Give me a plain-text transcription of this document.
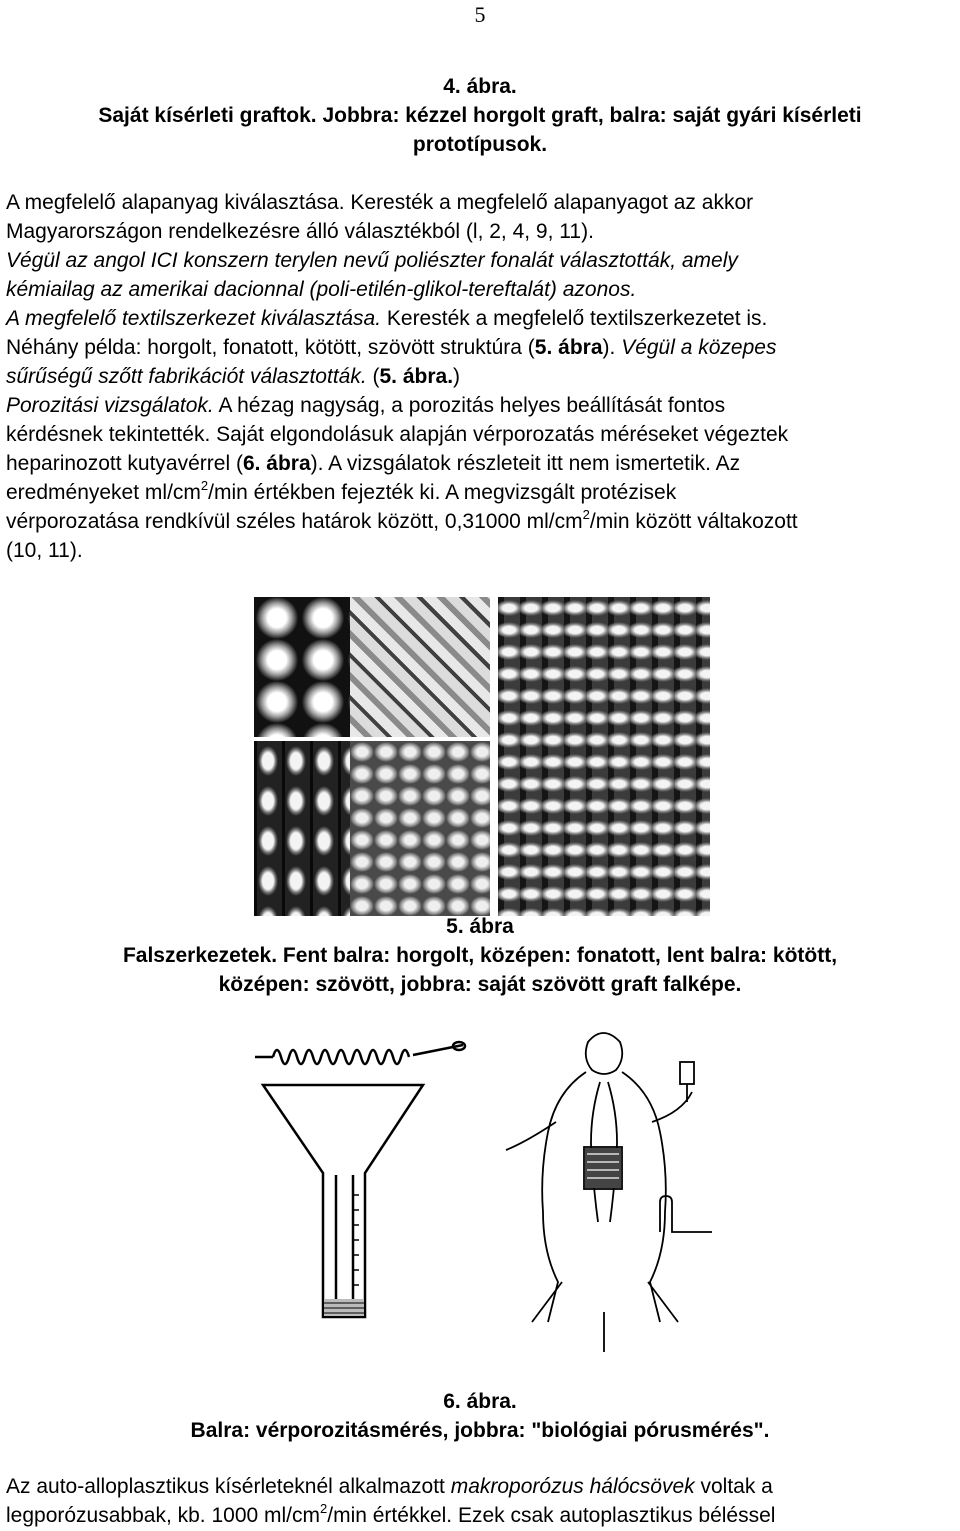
5

4. ábra.

Saját kísérleti graftok. Jobbra: kézzel horgolt graft, balra: saját gyári kísérleti

prototípusok.

A megfelelő alapanyag kiválasztása. Keresték a megfelelő alapanyagot az akkor

Magyarországon rendelkezésre álló választékból (l, 2, 4, 9, 11).

Végül az angol ICI konszern terylen nevű poliészter fonalát választották, amely

kémiailag az amerikai dacionnal (poli-etilén-glikol-tereftalát) azonos.

A megfelelő textilszerkezet kiválasztása. Keresték a megfelelő textilszerkezetet is.

Néhány példa: horgolt, fonatott, kötött, szövött struktúra (5. ábra). Végül a közepes

sűrűségű szőtt fabrikációt választották. (5. ábra.)

Porozitási vizsgálatok. A hézag nagyság, a porozitás helyes beállítását fontos

kérdésnek tekintették. Saját elgondolásuk alapján vérporozatás méréseket végeztek

heparinozott kutyavérrel (6. ábra). A vizsgálatok részleteit itt nem ismertetik. Az

eredményeket $ml/cm^2/\min$ értékben fejezték ki. A megvizsgált protézisek

vérporozatása rendkívül széles határok között, 0,31000 $ml/cm^2/\min$ között váltakozott

(10, 11).

5. ábra

Falszerkezetek. Fent balra: horgolt, középen: fonatott, lent balra: kötött,

középen: szövött, jobbra: saját szövött graft falképe.

6. ábra.

Balra: vérporozitásmérés, jobbra: "biológiai pórusmérés".

Az auto-alloplasztikus kísérleteknél alkalmazott makroporózus hálócsövek voltak a

legporózusabbak, kb. 1000 $ml/cm^2/\min$ értékkel. Ezek csak autoplasztikus béléssel
